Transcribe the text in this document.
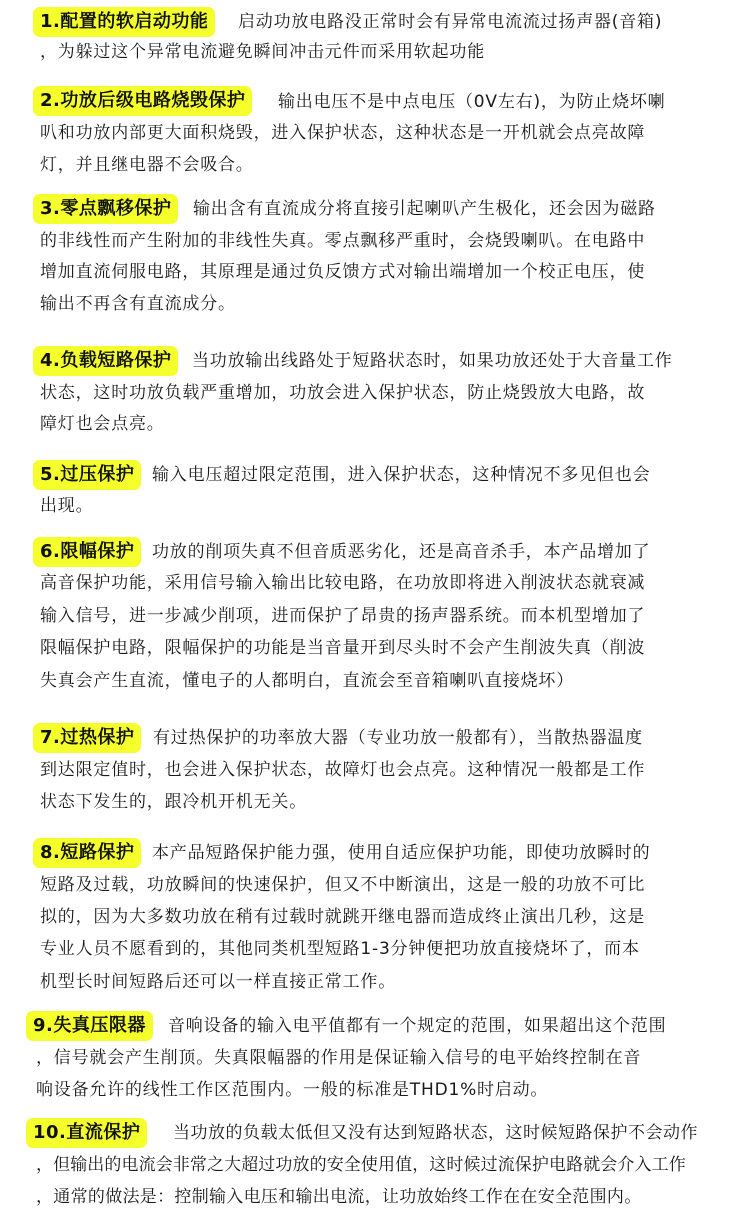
1.配置的软启动功能	启动功放电路没正常时会有异常电流流过扬声器(音箱)
，为躲过这个异常电流避免瞬间冲击元件而采用软起功能
2.功放后级电路烧毁保护	输出电压不是中点电压（0V左右)，为防止烧坏喇
叭和功放内部更大面积烧毁，进入保护状态，这种状态是一开机就会点亮故障
灯，并且继电器不会吸合。
3.零点飘移保护	输出含有直流成分将直接引起喇叭产生极化，还会因为磁路
的非线性而产生附加的非线性失真。零点飘移严重时，会烧毁喇叭。在电路中
增加直流伺服电路，其原理是通过负反馈方式对输出端增加一个校正电压，使
输出不再含有直流成分。
4.负载短路保护	当功放输出线路处于短路状态时，如果功放还处于大音量工作
状态，这时功放负载严重增加，功放会进入保护状态，防止烧毁放大电路，故
障灯也会点亮。
5.过压保护	输入电压超过限定范围，进入保护状态，这种情况不多见但也会
出现。
6.限幅保护	功放的削项失真不但音质恶劣化，还是高音杀手，本产品增加了
高音保护功能，采用信号输入输出比较电路，在功放即将进入削波状态就衰减
输入信号，进一步减少削项，进而保护了昂贵的扬声器系统。而本机型增加了
限幅保护电路，限幅保护的功能是当音量开到尽头时不会产生削波失真（削波
失真会产生直流，懂电子的人都明白，直流会至音箱喇叭直接烧坏）
7.过热保护	有过热保护的功率放大器（专业功放一般都有），当散热器温度
到达限定值时，也会进入保护状态，故障灯也会点亮。这种情况一般都是工作
状态下发生的，跟冷机开机无关。
8.短路保护	本产品短路保护能力强，使用自适应保护功能，即使功放瞬时的
短路及过载，功放瞬间的快速保护，但又不中断演出，这是一般的功放不可比
拟的，因为大多数功放在稍有过载时就跳开继电器而造成终止演出几秒，这是
专业人员不愿看到的，其他同类机型短路1-3分钟便把功放直接烧坏了，而本
机型长时间短路后还可以一样直接正常工作。
9.失真压限器	音响设备的输入电平值都有一个规定的范围，如果超出这个范围
，信号就会产生削顶。失真限幅器的作用是保证输入信号的电平始终控制在音
响设备允许的线性工作区范围内。一般的标准是THD1%时启动。
10.直流保护	当功放的负载太低但又没有达到短路状态，这时候短路保护不会动作
，但输出的电流会非常之大超过功放的安全使用值，这时候过流保护电路就会介入工作
，通常的做法是：控制输入电压和输出电流，让功放始终工作在在安全范围内。
